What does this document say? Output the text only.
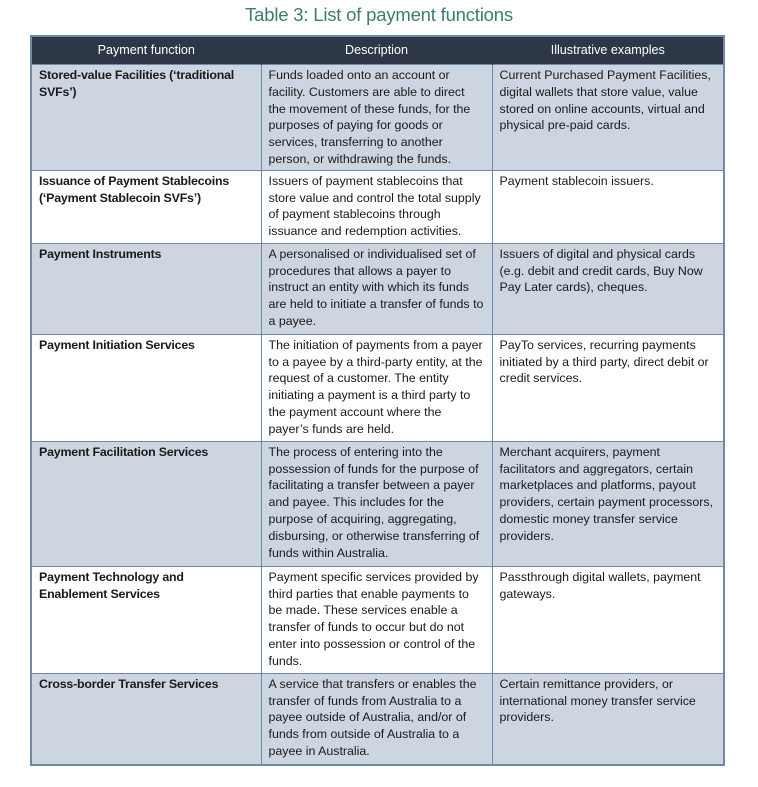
Table 3: List of payment functions
Payment function	Description	Illustrative examples
Stored-value Facilities (‘traditional SVFs’)	Funds loaded onto an account or facility. Customers are able to direct the movement of these funds, for the purposes of paying for goods or services, transferring to another person, or withdrawing the funds.	Current Purchased Payment Facilities, digital wallets that store value, value stored on online accounts, virtual and physical pre-paid cards.
Issuance of Payment Stablecoins (‘Payment Stablecoin SVFs’)	Issuers of payment stablecoins that store value and control the total supply of payment stablecoins through issuance and redemption activities.	Payment stablecoin issuers.
Payment Instruments	A personalised or individualised set of procedures that allows a payer to instruct an entity with which its funds are held to initiate a transfer of funds to a payee.	Issuers of digital and physical cards (e.g. debit and credit cards, Buy Now Pay Later cards), cheques.
Payment Initiation Services	The initiation of payments from a payer to a payee by a third-party entity, at the request of a customer. The entity initiating a payment is a third party to the payment account where the payer’s funds are held.	PayTo services, recurring payments initiated by a third party, direct debit or credit services.
Payment Facilitation Services	The process of entering into the possession of funds for the purpose of facilitating a transfer between a payer and payee. This includes for the purpose of acquiring, aggregating, disbursing, or otherwise transferring of funds within Australia.	Merchant acquirers, payment facilitators and aggregators, certain marketplaces and platforms, payout providers, certain payment processors, domestic money transfer service providers.
Payment Technology and Enablement Services	Payment specific services provided by third parties that enable payments to be made. These services enable a transfer of funds to occur but do not enter into possession or control of the funds.	Passthrough digital wallets, payment gateways.
Cross-border Transfer Services	A service that transfers or enables the transfer of funds from Australia to a payee outside of Australia, and/or of funds from outside of Australia to a payee in Australia.	Certain remittance providers, or international money transfer service providers.
